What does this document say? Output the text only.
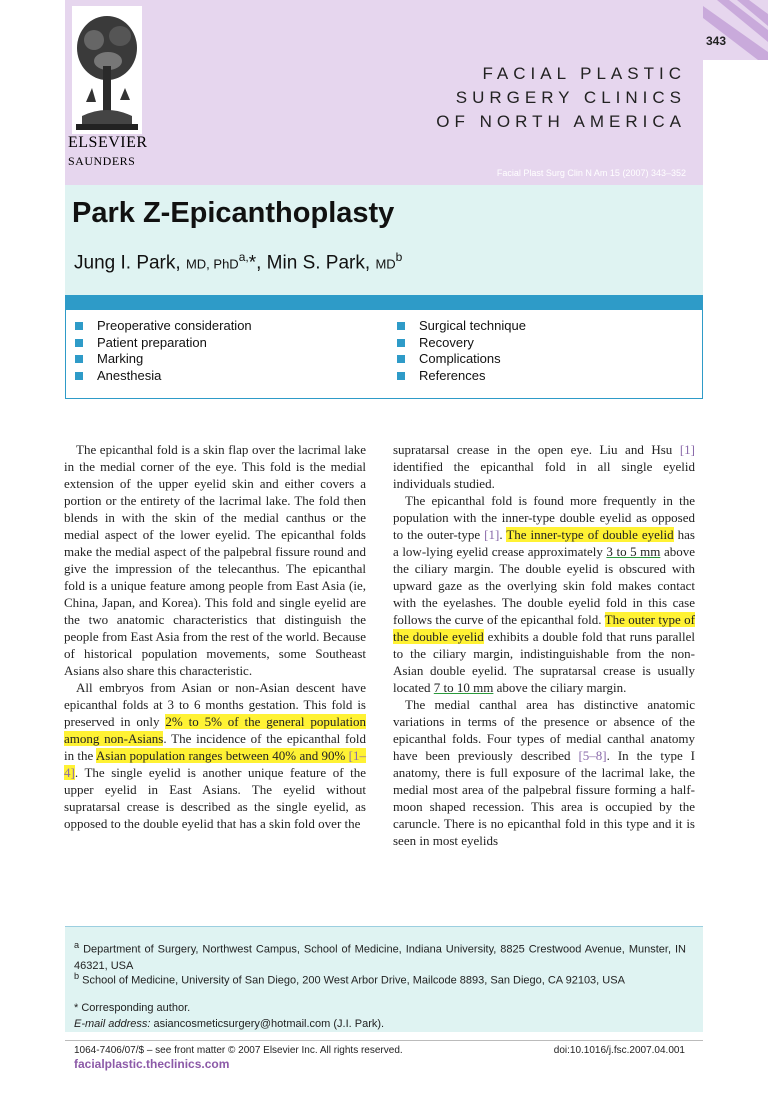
343
FACIAL PLASTIC
SURGERY CLINICS
OF NORTH AMERICA
Facial Plast Surg Clin N Am 15 (2007) 343–352
ELSEVIER
SAUNDERS
Park Z-Epicanthoplasty
Jung I. Park, MD, PhD$^{a,}$*, Min S. Park, $MD^b$
Preoperative consideration
Patient preparation
Marking
Anesthesia
Surgical technique
Recovery
Complications
References

The epicanthal fold is a skin flap over the lacrimal lake in the medial corner of the eye. This fold is the medial extension of the upper eyelid skin and either covers a portion or the entirety of the lacrimal lake. The fold then blends in with the skin of the medial canthus or the medial aspect of the lower eyelid. The epicanthal folds make the medial aspect of the palpebral fissure round and give the impression of the telecanthus. The epicanthal fold is a unique feature among people from East Asia (ie, China, Japan, and Korea). This fold and single eyelid are the two anatomic characteristics that distinguish the people from East Asia from the rest of the world. Because of historical population movements, some Southeast Asians also share this characteristic.

All embryos from Asian or non-Asian descent have epicanthal folds at 3 to 6 months gestation. This fold is preserved in only 2% to 5% of the general population among non-Asians. The incidence of the epicanthal fold in the Asian population ranges between 40% and 90% [1–4]. The single eyelid is another unique feature of the upper eyelid in East Asians. The eyelid without supratarsal crease is described as the single eyelid, as opposed to the double eyelid that has a skin fold over the

supratarsal crease in the open eye. Liu and Hsu [1] identified the epicanthal fold in all single eyelid individuals studied.

The epicanthal fold is found more frequently in the population with the inner-type double eyelid as opposed to the outer-type [1]. The inner-type of double eyelid has a low-lying eyelid crease approximately 3 to 5 mm above the ciliary margin. The double eyelid is obscured with upward gaze as the overlying skin fold makes contact with the eyelashes. The double eyelid fold in this case follows the curve of the epicanthal fold. The outer type of the double eyelid exhibits a double fold that runs parallel to the ciliary margin, indistinguishable from the non-Asian double eyelid. The supratarsal crease is usually located 7 to 10 mm above the ciliary margin.

The medial canthal area has distinctive anatomic variations in terms of the presence or absence of the epicanthal folds. Four types of medial canthal anatomy have been previously described [5–8]. In the type I anatomy, there is full exposure of the lacrimal lake, the medial most area of the palpebral fissure forming a half-moon shaped recession. This area is occupied by the caruncle. There is no epicanthal fold in this type and it is seen in most eyelids

$^a$ Department of Surgery, Northwest Campus, School of Medicine, Indiana University, 8825 Crestwood Avenue, Munster, IN 46321, USA
$^b$ School of Medicine, University of San Diego, 200 West Arbor Drive, Mailcode 8893, San Diego, CA 92103, USA
* Corresponding author.
E-mail address: asiancosmeticsurgery@hotmail.com (J.I. Park).
1064-7406/07/$ – see front matter © 2007 Elsevier Inc. All rights reserved.	doi:10.1016/j.fsc.2007.04.001
facialplastic.theclinics.com
